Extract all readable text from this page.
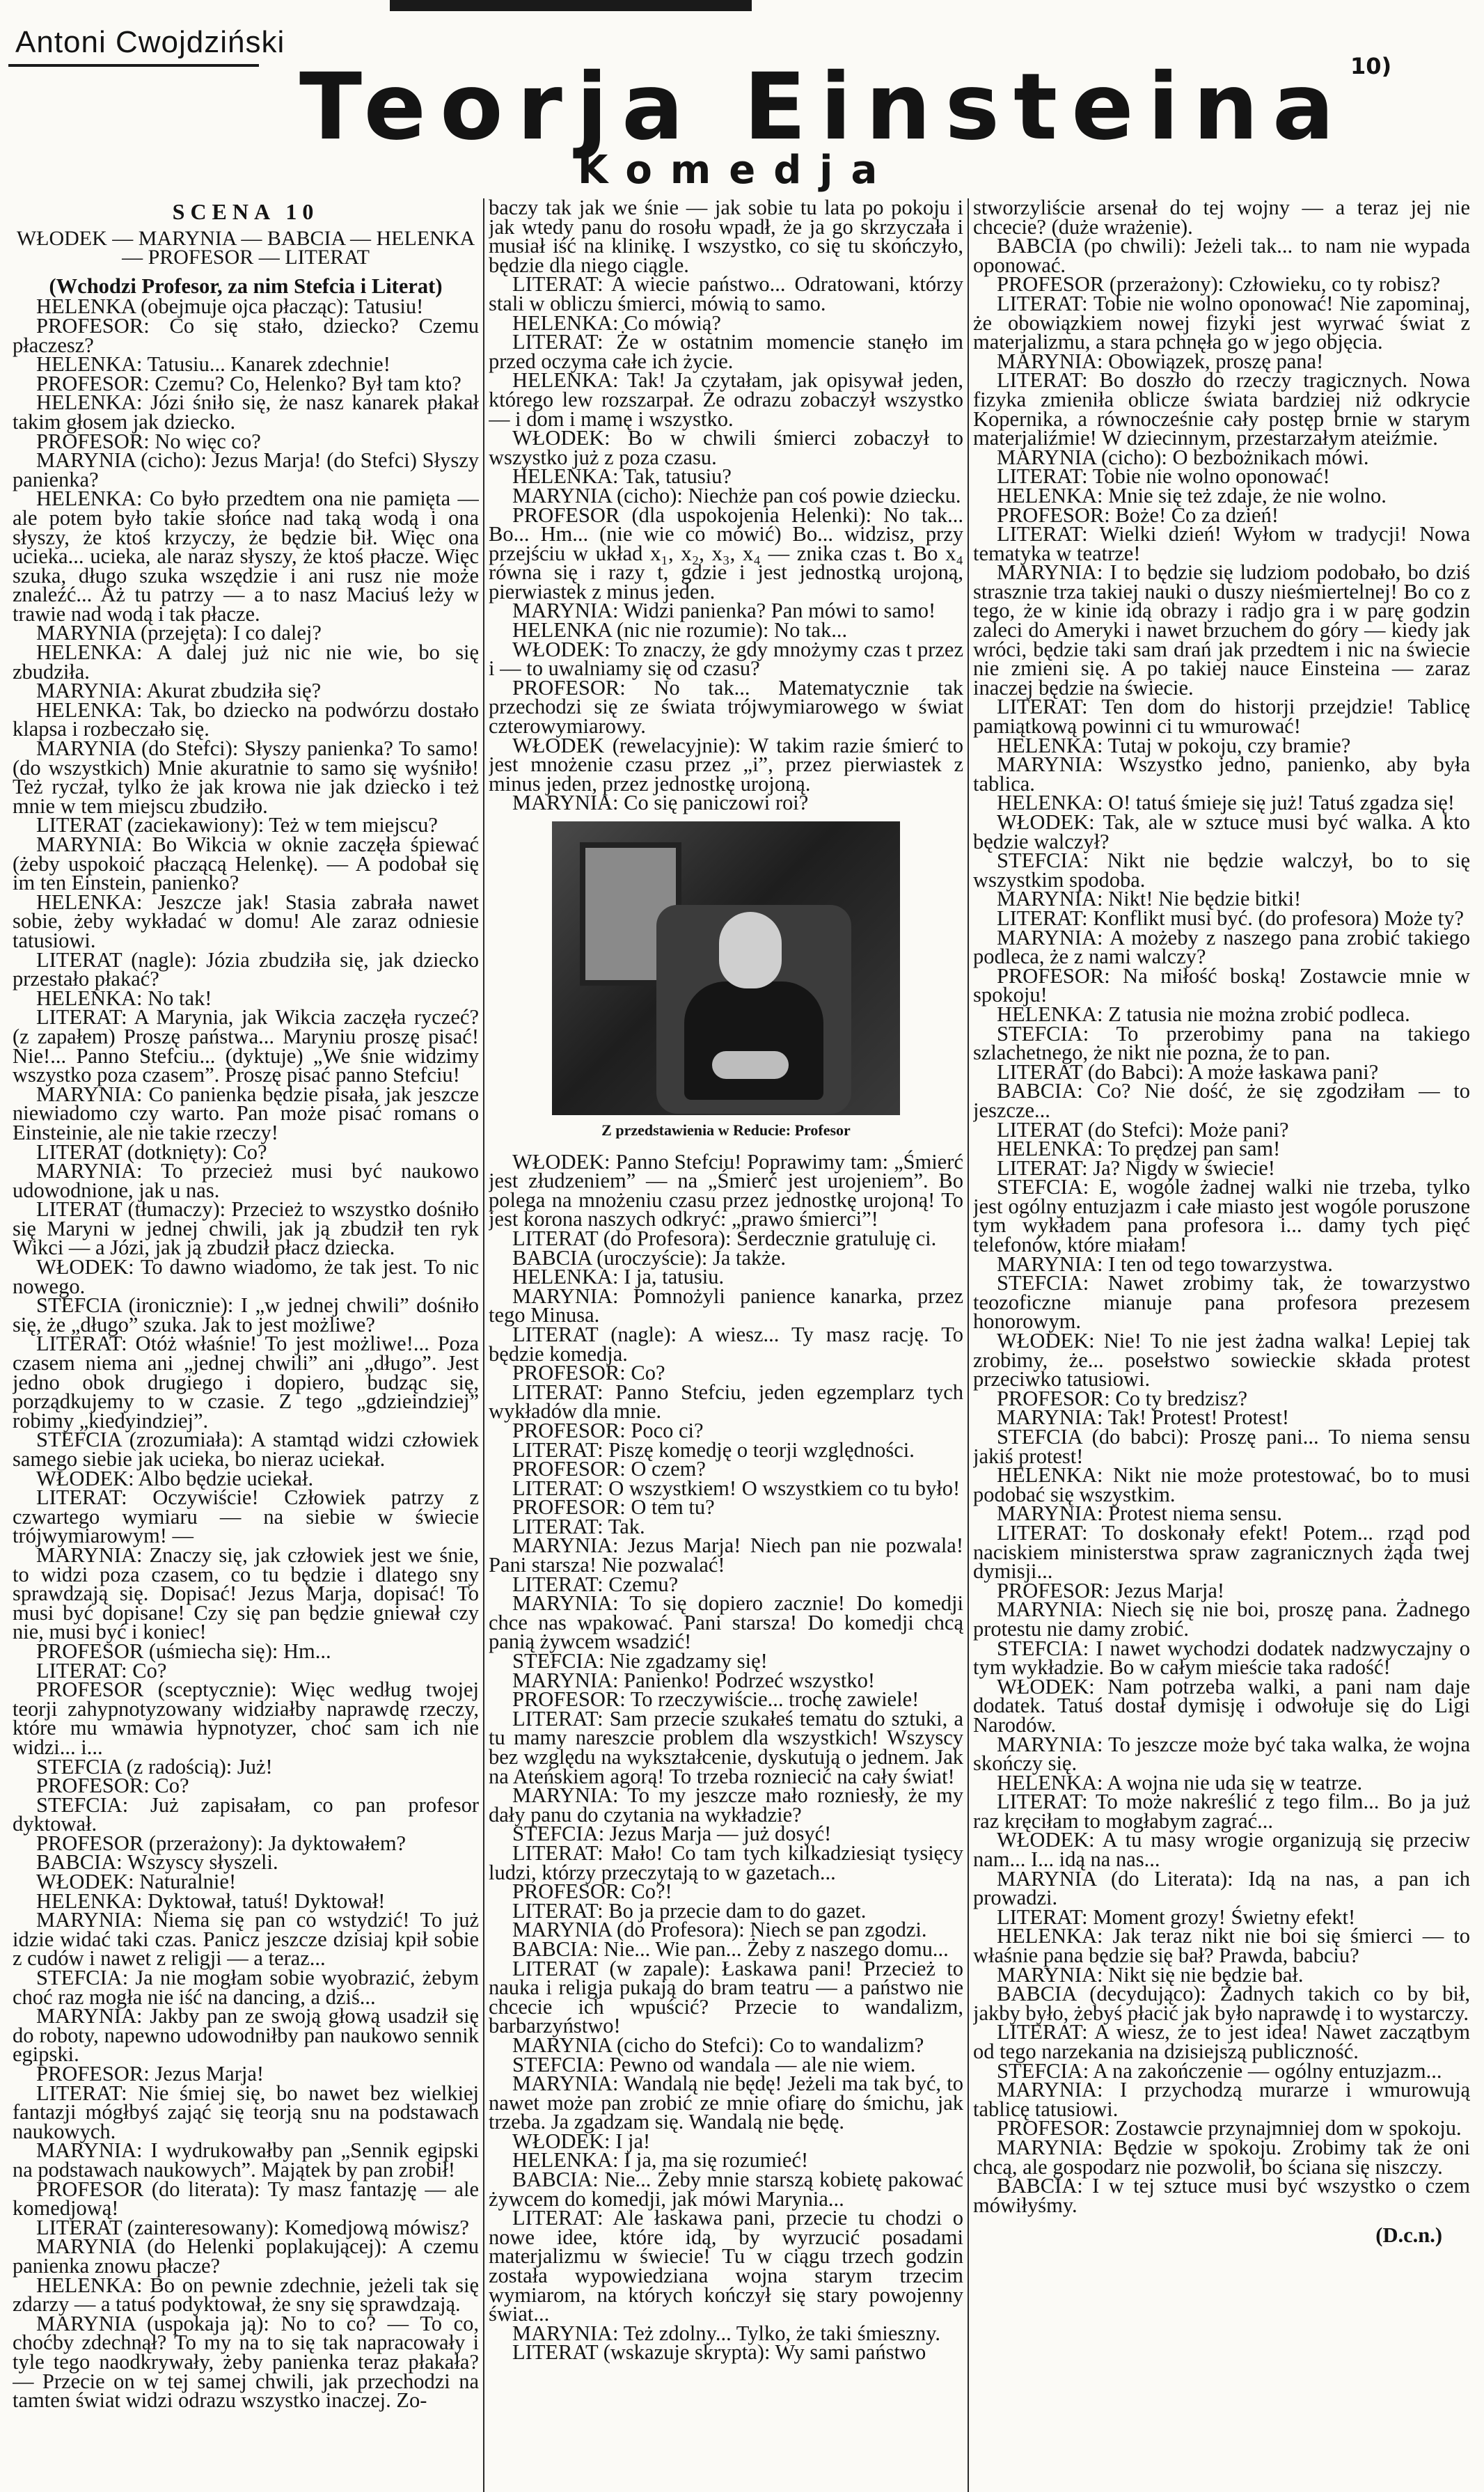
Antoni Cwojdziński
Teorja Einsteina
Komedja
10)
SCENA 10
WŁODEK — MARYNIA — BABCIA — HELENKA — PROFESOR — LITERAT
(Wchodzi Profesor, za nim Stefcia i Literat)

HELENKA (obejmuje ojca płacząc): Tatusiu!

PROFESOR: Co się stało, dziecko? Czemu płaczesz?

HELENKA: Tatusiu... Kanarek zdechnie!

PROFESOR: Czemu? Co, Helenko? Był tam kto?

HELENKA: Józi śniło się, że nasz kanarek płakał takim głosem jak dziecko.

PROFESOR: No więc co?

MARYNIA (cicho): Jezus Marja! (do Stefci) Słyszy panienka?

HELENKA: Co było przedtem ona nie pamięta — ale potem było takie słońce nad taką wodą i ona słyszy, że ktoś krzyczy, że będzie bił. Więc ona ucieka... ucieka, ale naraz słyszy, że ktoś płacze. Więc szuka, długo szuka wszędzie i ani rusz nie może znaleźć... Aż tu patrzy — a to nasz Maciuś leży w trawie nad wodą i tak płacze.

MARYNIA (przejęta): I co dalej?

HELENKA: A dalej już nic nie wie, bo się zbudziła.

MARYNIA: Akurat zbudziła się?

HELENKA: Tak, bo dziecko na podwórzu dostało klapsa i rozbeczało się.

MARYNIA (do Stefci): Słyszy panienka? To samo! (do wszystkich) Mnie akuratnie to samo się wyśniło! Też ryczał, tylko że jak krowa nie jak dziecko i też mnie w tem miejscu zbudziło.

LITERAT (zaciekawiony): Też w tem miejscu?

MARYNIA: Bo Wikcia w oknie zaczęła śpiewać (żeby uspokoić płaczącą Helenkę). — A podobał się im ten Einstein, panienko?

HELENKA: Jeszcze jak! Stasia zabrała nawet sobie, żeby wykładać w domu! Ale zaraz odniesie tatusiowi.

LITERAT (nagle): Józia zbudziła się, jak dziecko przestało płakać?

HELENKA: No tak!

LITERAT: A Marynia, jak Wikcia zaczęła ryczeć? (z zapałem) Proszę państwa... Maryniu proszę pisać! Nie!... Panno Stefciu... (dyktuje) „We śnie widzimy wszystko poza czasem”. Proszę pisać panno Stefciu!

MARYNIA: Co panienka będzie pisała, jak jeszcze niewiadomo czy warto. Pan może pisać romans o Einsteinie, ale nie takie rzeczy!

LITERAT (dotknięty): Co?

MARYNIA: To przecież musi być naukowo udowodnione, jak u nas.

LITERAT (tłumaczy): Przecież to wszystko dośniło się Maryni w jednej chwili, jak ją zbudził ten ryk Wikci — a Józi, jak ją zbudził płacz dziecka.

WŁODEK: To dawno wiadomo, że tak jest. To nic nowego.

STEFCIA (ironicznie): I „w jednej chwili” dośniło się, że „długo” szuka. Jak to jest możliwe?

LITERAT: Otóż właśnie! To jest możliwe!... Poza czasem niema ani „jednej chwili” ani „długo”. Jest jedno obok drugiego i dopiero, budząc się, porządkujemy to w czasie. Z tego „gdzieindziej” robimy „kiedyindziej”.

STEFCIA (zrozumiała): A stamtąd widzi człowiek samego siebie jak ucieka, bo nieraz uciekał.

WŁODEK: Albo będzie uciekał.

LITERAT: Oczywiście! Człowiek patrzy z czwartego wymiaru — na siebie w świecie trójwymiarowym! —

MARYNIA: Znaczy się, jak człowiek jest we śnie, to widzi poza czasem, co tu będzie i dlatego sny sprawdzają się. Dopisać! Jezus Marja, dopisać! To musi być dopisane! Czy się pan będzie gniewał czy nie, musi być i koniec!

PROFESOR (uśmiecha się): Hm...

LITERAT: Co?

PROFESOR (sceptycznie): Więc według twojej teorji zahypnotyzowany widziałby naprawdę rzeczy, które mu wmawia hypnotyzer, choć sam ich nie widzi... i...

STEFCIA (z radością): Już!

PROFESOR: Co?

STEFCIA: Już zapisałam, co pan profesor dyktował.

PROFESOR (przerażony): Ja dyktowałem?

BABCIA: Wszyscy słyszeli.

WŁODEK: Naturalnie!

HELENKA: Dyktował, tatuś! Dyktował!

MARYNIA: Niema się pan co wstydzić! To już idzie widać taki czas. Panicz jeszcze dzisiaj kpił sobie z cudów i nawet z religji — a teraz...

STEFCIA: Ja nie mogłam sobie wyobrazić, żebym choć raz mogła nie iść na dancing, a dziś...

MARYNIA: Jakby pan ze swoją głową usadził się do roboty, napewno udowodniłby pan naukowo sennik egipski.

PROFESOR: Jezus Marja!

LITERAT: Nie śmiej się, bo nawet bez wielkiej fantazji mógłbyś zająć się teorją snu na podstawach naukowych.

MARYNIA: I wydrukowałby pan „Sennik egipski na podstawach naukowych”. Majątek by pan zrobił!

PROFESOR (do literata): Ty masz fantazję — ale komedjową!

LITERAT (zainteresowany): Komedjową mówisz?

MARYNIA (do Helenki poplakującej): A czemu panienka znowu płacze?

HELENKA: Bo on pewnie zdechnie, jeżeli tak się zdarzy — a tatuś podyktował, że sny się sprawdzają.

MARYNIA (uspokaja ją): No to co? — To co, choćby zdechnął? To my na to się tak napracowały i tyle tego naodkrywały, żeby panienka teraz płakała? — Przecie on w tej samej chwili, jak przechodzi na tamten świat widzi odrazu wszystko inaczej. Zo-

baczy tak jak we śnie — jak sobie tu lata po pokoju i jak wtedy panu do rosołu wpadł, że ja go skrzyczała i musiał iść na klinikę. I wszystko, co się tu skończyło, będzie dla niego ciągle.

LITERAT: A wiecie państwo... Odratowani, którzy stali w obliczu śmierci, mówią to samo.

HELENKA: Co mówią?

LITERAT: Że w ostatnim momencie stanęło im przed oczyma całe ich życie.

HELENKA: Tak! Ja czytałam, jak opisywał jeden, którego lew rozszarpał. Że odrazu zobaczył wszystko — i dom i mamę i wszystko.

WŁODEK: Bo w chwili śmierci zobaczył to wszystko już z poza czasu.

HELENKA: Tak, tatusiu?

MARYNIA (cicho): Niechże pan coś powie dziecku.

PROFESOR (dla uspokojenia Helenki): No tak... Bo... Hm... (nie wie co mówić) Bo... widzisz, przy przejściu w układ x₁, x₂, x₃, x₄ — znika czas t. Bo x₄ równa się i razy t, gdzie i jest jednostką urojoną, pierwiastek z minus jeden.

MARYNIA: Widzi panienka? Pan mówi to samo!

HELENKA (nic nie rozumie): No tak...

WŁODEK: To znaczy, że gdy mnożymy czas t przez i — to uwalniamy się od czasu?

PROFESOR: No tak... Matematycznie tak przechodzi się ze świata trójwymiarowego w świat czterowymiarowy.

WŁODEK (rewelacyjnie): W takim razie śmierć to jest mnożenie czasu przez „i”, przez pierwiastek z minus jeden, przez jednostkę urojoną.

MARYNIA: Co się paniczowi roi?

Z przedstawienia w Reducie: Profesor

WŁODEK: Panno Stefciu! Poprawimy tam: „Śmierć jest złudzeniem” — na „Śmierć jest urojeniem”. Bo polega na mnożeniu czasu przez jednostkę urojoną! To jest korona naszych odkryć: „prawo śmierci”!

LITERAT (do Profesora): Serdecznie gratuluję ci.

BABCIA (uroczyście): Ja także.

HELENKA: I ja, tatusiu.

MARYNIA: Pomnożyli panience kanarka, przez tego Minusa.

LITERAT (nagle): A wiesz... Ty masz rację. To będzie komedja.

PROFESOR: Co?

LITERAT: Panno Stefciu, jeden egzemplarz tych wykładów dla mnie.

PROFESOR: Poco ci?

LITERAT: Piszę komedję o teorji względności.

PROFESOR: O czem?

LITERAT: O wszystkiem! O wszystkiem co tu było!

PROFESOR: O tem tu?

LITERAT: Tak.

MARYNIA: Jezus Marja! Niech pan nie pozwala! Pani starsza! Nie pozwalać!

LITERAT: Czemu?

MARYNIA: To się dopiero zacznie! Do komedji chce nas wpakować. Pani starsza! Do komedji chcą panią żywcem wsadzić!

STEFCIA: Nie zgadzamy się!

MARYNIA: Panienko! Podrzeć wszystko!

PROFESOR: To rzeczywiście... trochę zawiele!

LITERAT: Sam przecie szukałeś tematu do sztuki, a tu mamy nareszcie problem dla wszystkich! Wszyscy bez względu na wykształcenie, dyskutują o jednem. Jak na Ateńskiem agorą! To trzeba rozniecić na cały świat!

MARYNIA: To my jeszcze mało rozniesły, że my dały panu do czytania na wykładzie?

STEFCIA: Jezus Marja — już dosyć!

LITERAT: Mało! Co tam tych kilkadziesiąt tysięcy ludzi, którzy przeczytają to w gazetach...

PROFESOR: Co?!

LITERAT: Bo ja przecie dam to do gazet.

MARYNIA (do Profesora): Niech se pan zgodzi.

BABCIA: Nie... Wie pan... Żeby z naszego domu...

LITERAT (w zapale): Łaskawa pani! Przecież to nauka i religja pukają do bram teatru — a państwo nie chcecie ich wpuścić? Przecie to wandalizm, barbarzyństwo!

MARYNIA (cicho do Stefci): Co to wandalizm?

STEFCIA: Pewno od wandala — ale nie wiem.

MARYNIA: Wandalą nie będę! Jeżeli ma tak być, to nawet może pan zrobić ze mnie ofiarę do śmichu, jak trzeba. Ja zgadzam się. Wandalą nie będę.

WŁODEK: I ja!

HELENKA: I ja, ma się rozumieć!

BABCIA: Nie... Żeby mnie starszą kobietę pakować żywcem do komedji, jak mówi Marynia...

LITERAT: Ale łaskawa pani, przecie tu chodzi o nowe idee, które idą, by wyrzucić posadami materjalizmu w świecie! Tu w ciągu trzech godzin została wypowiedziana wojna starym trzecim wymiarom, na których kończył się stary powojenny świat...

MARYNIA: Też zdolny... Tylko, że taki śmieszny.

LITERAT (wskazuje skrypta): Wy sami państwo

stworzyliście arsenał do tej wojny — a teraz jej nie chcecie? (duże wrażenie).

BABCIA (po chwili): Jeżeli tak... to nam nie wypada oponować.

PROFESOR (przerażony): Człowieku, co ty robisz?

LITERAT: Tobie nie wolno oponować! Nie zapominaj, że obowiązkiem nowej fizyki jest wyrwać świat z materjalizmu, a stara pchnęła go w jego objęcia.

MARYNIA: Obowiązek, proszę pana!

LITERAT: Bo doszło do rzeczy tragicznych. Nowa fizyka zmieniła oblicze świata bardziej niż odkrycie Kopernika, a równocześnie cały postęp brnie w starym materjaliźmie! W dziecinnym, przestarzałym ateiźmie.

MARYNIA (cicho): O bezbożnikach mówi.

LITERAT: Tobie nie wolno oponować!

HELENKA: Mnie się też zdaje, że nie wolno.

PROFESOR: Boże! Co za dzień!

LITERAT: Wielki dzień! Wyłom w tradycji! Nowa tematyka w teatrze!

MARYNIA: I to będzie się ludziom podobało, bo dziś strasznie trza takiej nauki o duszy nieśmiertelnej! Bo co z tego, że w kinie idą obrazy i radjo gra i w parę godzin zaleci do Ameryki i nawet brzuchem do góry — kiedy jak wróci, będzie taki sam drań jak przedtem i nic na świecie nie zmieni się. A po takiej nauce Einsteina — zaraz inaczej będzie na świecie.

LITERAT: Ten dom do historji przejdzie! Tablicę pamiątkową powinni ci tu wmurować!

HELENKA: Tutaj w pokoju, czy bramie?

MARYNIA: Wszystko jedno, panienko, aby była tablica.

HELENKA: O! tatuś śmieje się już! Tatuś zgadza się!

WŁODEK: Tak, ale w sztuce musi być walka. A kto będzie walczył?

STEFCIA: Nikt nie będzie walczył, bo to się wszystkim spodoba.

MARYNIA: Nikt! Nie będzie bitki!

LITERAT: Konflikt musi być. (do profesora) Może ty?

MARYNIA: A możeby z naszego pana zrobić takiego podleca, że z nami walczy?

PROFESOR: Na miłość boską! Zostawcie mnie w spokoju!

HELENKA: Z tatusia nie można zrobić podleca.

STEFCIA: To przerobimy pana na takiego szlachetnego, że nikt nie pozna, że to pan.

LITERAT (do Babci): A może łaskawa pani?

BABCIA: Co? Nie dość, że się zgodziłam — to jeszcze...

LITERAT (do Stefci): Może pani?

HELENKA: To prędzej pan sam!

LITERAT: Ja? Nigdy w świecie!

STEFCIA: E, wogóle żadnej walki nie trzeba, tylko jest ogólny entuzjazm i całe miasto jest wogóle poruszone tym wykładem pana profesora i... damy tych pięć telefonów, które miałam!

MARYNIA: I ten od tego towarzystwa.

STEFCIA: Nawet zrobimy tak, że towarzystwo teozoficzne mianuje pana profesora prezesem honorowym.

WŁODEK: Nie! To nie jest żadna walka! Lepiej tak zrobimy, że... posełstwo sowieckie składa protest przeciwko tatusiowi.

PROFESOR: Co ty bredzisz?

MARYNIA: Tak! Protest! Protest!

STEFCIA (do babci): Proszę pani... To niema sensu jakiś protest!

HELENKA: Nikt nie może protestować, bo to musi podobać się wszystkim.

MARYNIA: Protest niema sensu.

LITERAT: To doskonały efekt! Potem... rząd pod naciskiem ministerstwa spraw zagranicznych żąda twej dymisji...

PROFESOR: Jezus Marja!

MARYNIA: Niech się nie boi, proszę pana. Żadnego protestu nie damy zrobić.

STEFCIA: I nawet wychodzi dodatek nadzwyczajny o tym wykładzie. Bo w całym mieście taka radość!

WŁODEK: Nam potrzeba walki, a pani nam daje dodatek. Tatuś dostał dymisję i odwołuje się do Ligi Narodów.

MARYNIA: To jeszcze może być taka walka, że wojna skończy się.

HELENKA: A wojna nie uda się w teatrze.

LITERAT: To może nakreślić z tego film... Bo ja już raz kręciłam to mogłabym zagrać...

WŁODEK: A tu masy wrogie organizują się przeciw nam... I... idą na nas...

MARYNIA (do Literata): Idą na nas, a pan ich prowadzi.

LITERAT: Moment grozy! Świetny efekt!

HELENKA: Jak teraz nikt nie boi się śmierci — to właśnie pana będzie się bał? Prawda, babciu?

MARYNIA: Nikt się nie będzie bał.

BABCIA (decydująco): Żadnych takich co by bił, jakby było, żebyś płacić jak było naprawdę i to wystarczy.

LITERAT: A wiesz, że to jest idea! Nawet zaczątbym od tego narzekania na dzisiejszą publiczność.

STEFCIA: A na zakończenie — ogólny entuzjazm...

MARYNIA: I przychodzą murarze i wmurowują tablicę tatusiowi.

PROFESOR: Zostawcie przynajmniej dom w spokoju.

MARYNIA: Będzie w spokoju. Zrobimy tak że oni chcą, ale gospodarz nie pozwolił, bo ściana się niszczy.

BABCIA: I w tej sztuce musi być wszystko o czem mówiłyśmy.

(D.c.n.)
